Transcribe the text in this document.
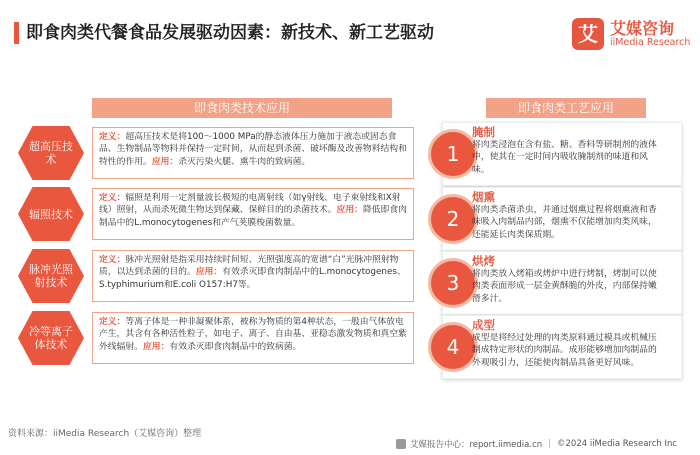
即食肉类代餐食品发展驱动因素：新技术、新工艺驱动	艾 艾媒咨询
iiMedia Research
即食肉类技术应用
超高压技术
定义：超高压技术是将100～1000 MPa的静态液体压力施加于液态或固态食品、生物制品等物料并保持一定时间，从而起到杀菌、破坏酶及改善物料结构和特性的作用。应用：杀灭污染火腿、熏牛肉的致病菌。
辐照技术
定义：辐照是利用一定剂量波长极短的电离射线（如γ射线、电子束射线和X射线）照射，从而杀死微生物达到保藏、保鲜目的的杀菌技术。应用：降低即食肉制品中的L.monocytogenes和产气荚膜梭菌数量。
脉冲光照射技术
定义：脉冲光照射是指采用持续时间短、光照强度高的宽谱“白”光脉冲照射物质，以达到杀菌的目的。应用：有效杀灭即食肉制品中的L.monocytogenes、S.typhimurium和E.coli O157:H7等。
冷等离子体技术
定义：等离子体是一种非凝聚体系，被称为物质的第4种状态，一般由气体放电产生，其含有各种活性粒子，如电子、离子、自由基、亚稳态激发物质和真空紫外线辐射。应用：有效杀灭即食肉制品中的致病菌。
即食肉类工艺应用
1
腌制
将肉类浸泡在含有盐、糖、香料等研制剂的液体中，使其在一定时间内吸收腌制剂的味道和风味。
2
烟熏
将肉类杀菌杀虫，并通过烟熏过程将烟熏液和香味吸入肉制品内部，烟熏不仅能增加肉类风味，还能延长肉类保质期。
3
烘烤
将肉类放入烤箱或烤炉中进行烤制，烤制可以使肉类表面形成一层金黄酥脆的外皮，内部保持嫩滑多汁。
4
成型
成型是将经过处理的肉类原料通过模具或机械压制成特定形状的肉制品。成形能够增加肉制品的外观吸引力，还能使肉制品具备更好风味。
资料来源：iiMedia Research（艾媒咨询）整理
艾媒报告中心：report.iimedia.cn | ©2024 iiMedia Research Inc
